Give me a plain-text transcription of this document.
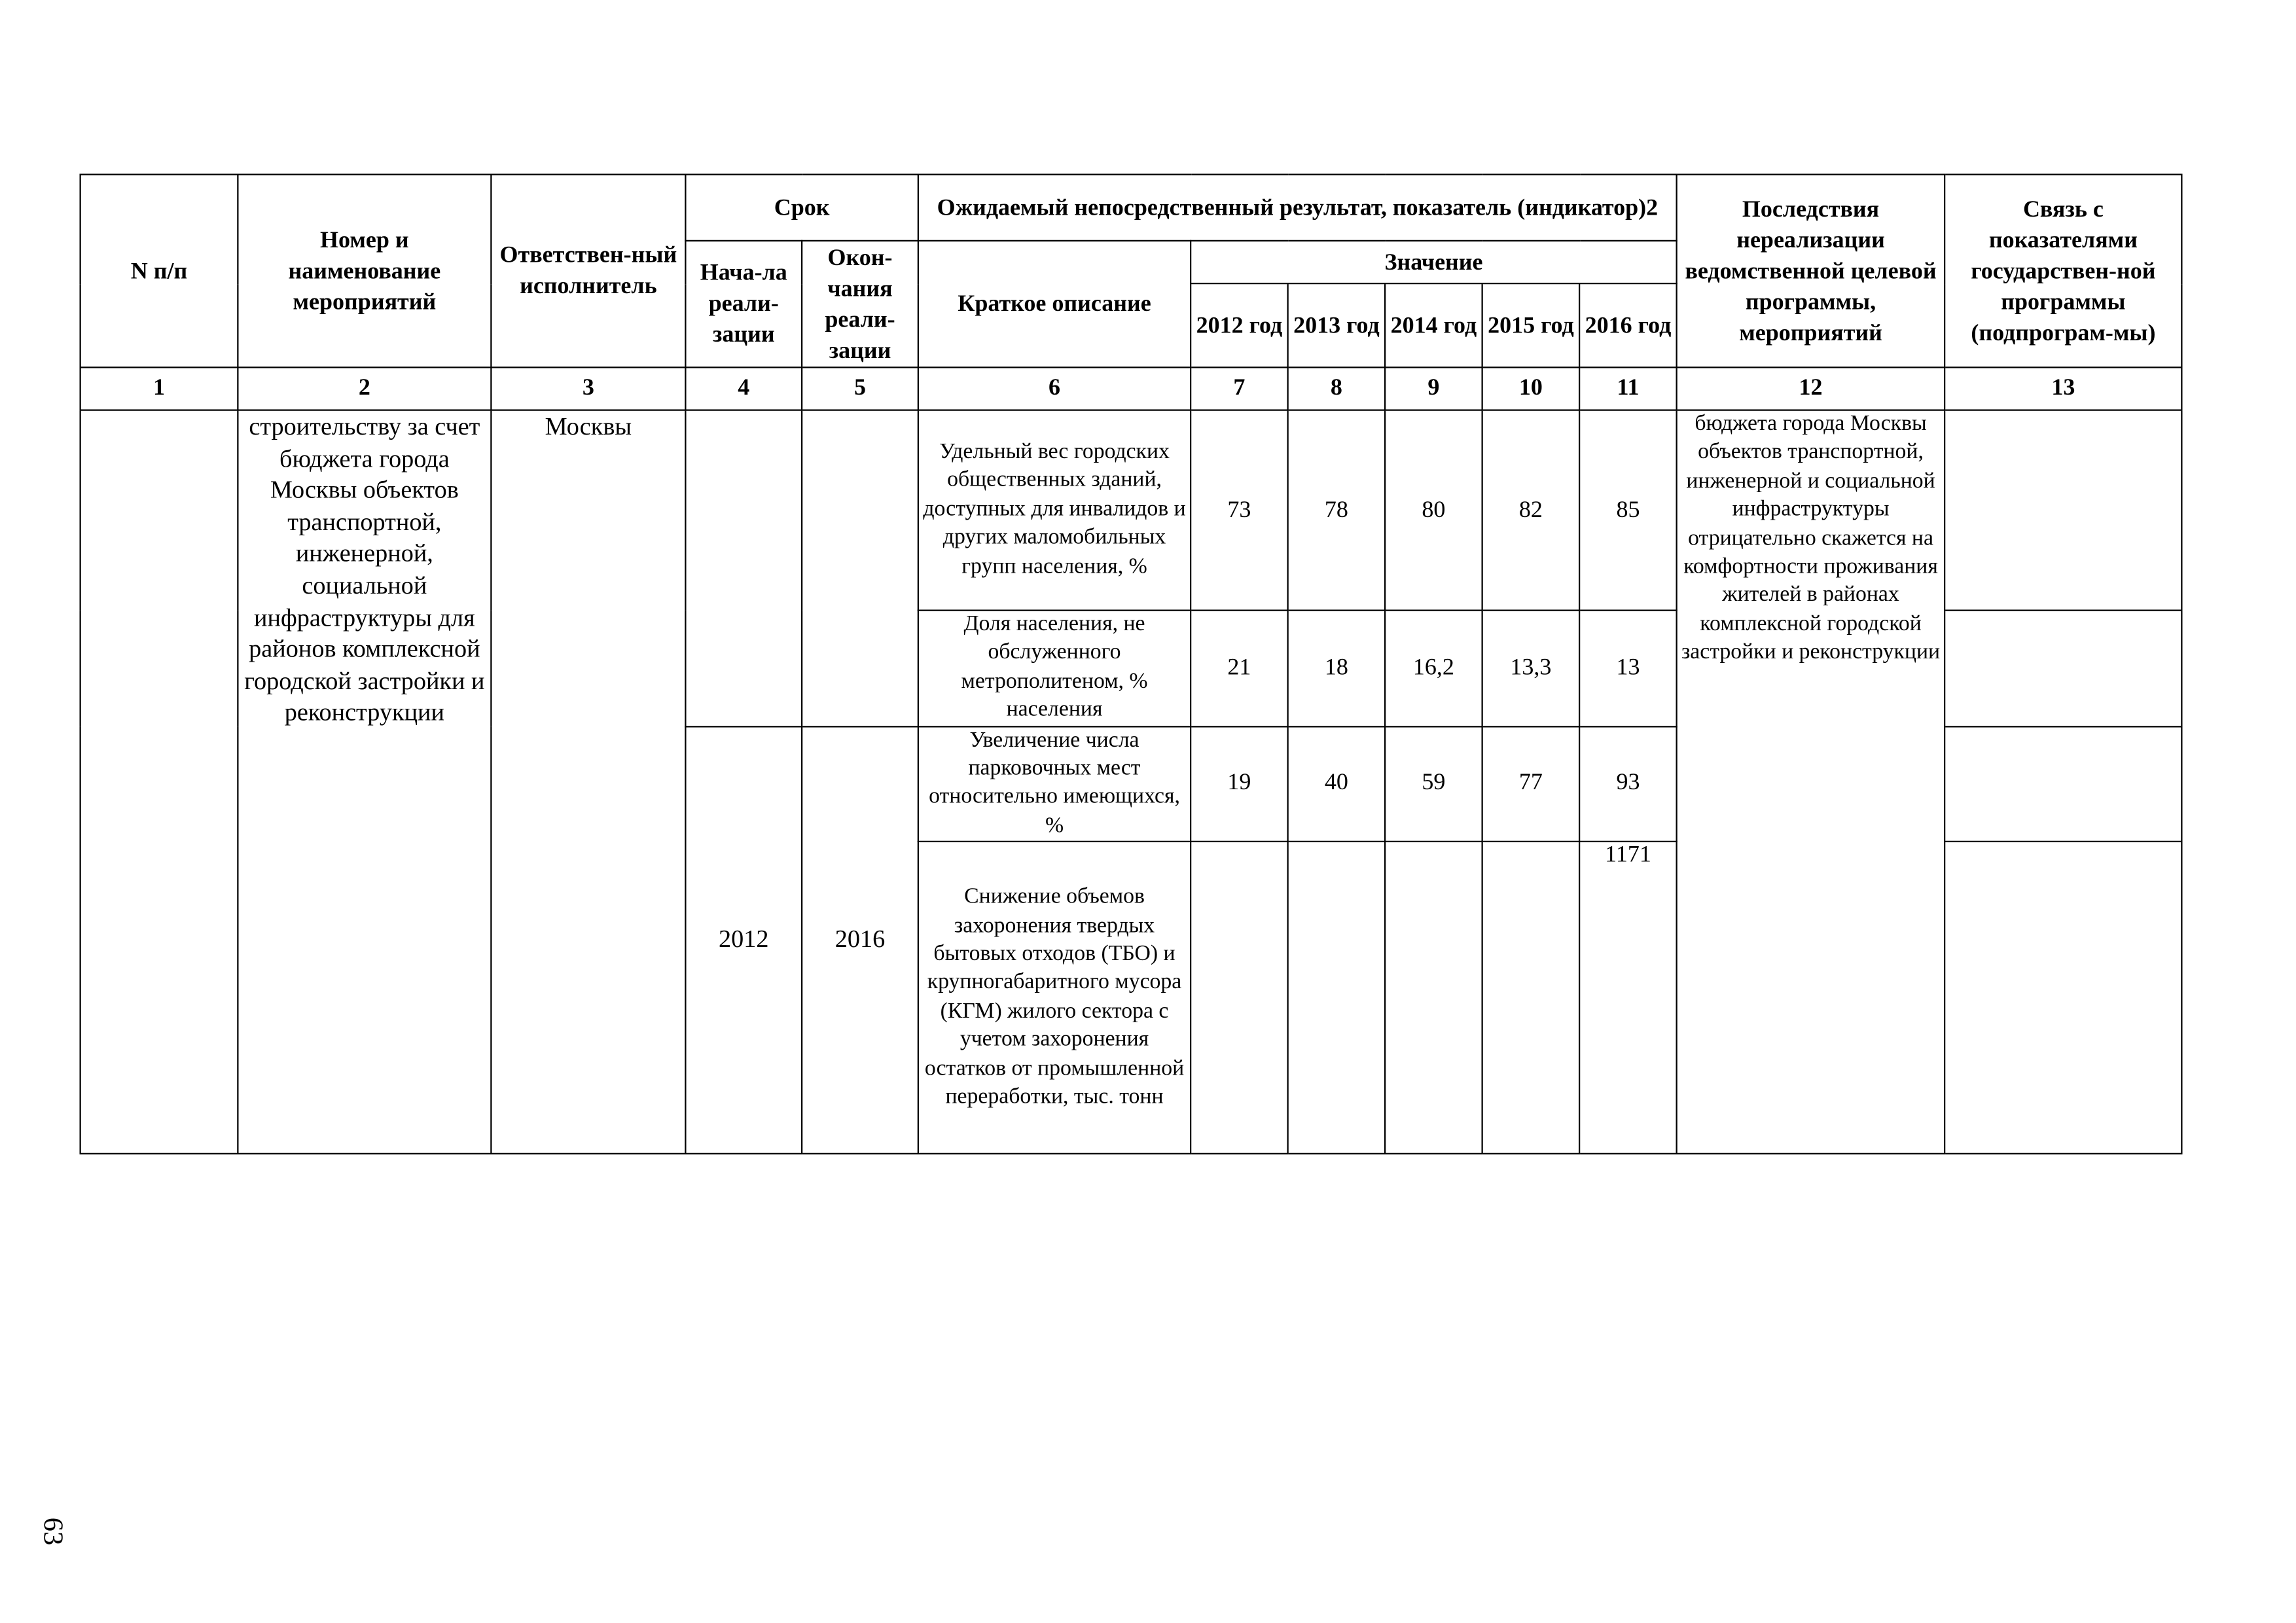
N п/п	Номер и наименование мероприятий	Ответствен-ный исполнитель	Срок		Ожидаемый непосредственный результат, показатель (индикатор)2						Последствия нереализации ведомственной целевой программы, мероприятий	Связь с показателями государствен-ной программы (подпрограм-мы)
			Нача-ла реали-зации	Окон-чания реали-зации	Краткое описание	Значение						
						2012 год	2013 год	2014 год	2015 год	2016 год		
1	2	3	4	5	6	7	8	9	10	11	12	13
	строительству за счет бюджета города Москвы объектов транспортной, инженерной, социальной инфраструктуры для районов комплексной городской застройки и реконструкции	Москвы			Удельный вес городских общественных зданий, доступных для инвалидов и других маломобильных групп населения, %	73	78	80	82	85	бюджета города Москвы объектов транспортной, инженерной и социальной инфраструктуры отрицательно скажется на комфортности проживания жителей в районах комплексной городской застройки и реконструкции	
					Доля населения, не обслуженного метрополитеном, % населения	21	18	16,2	13,3	13		
			2012	2016	Увеличение числа парковочных мест относительно имеющихся, %	19	40	59	77	93		
					Снижение объемов захоронения твердых бытовых отходов (ТБО) и крупногабаритного мусора (КГМ) жилого сектора с учетом захоронения остатков от промышленной переработки, тыс. тонн					1171		
63
